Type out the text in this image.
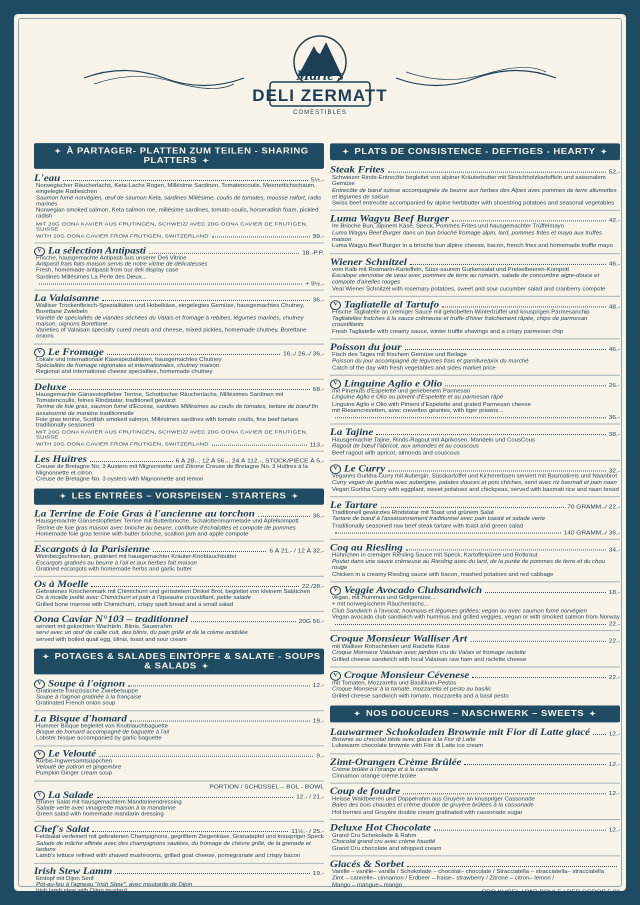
Marie's
DELI ZERMATT
COMESTIBLES
✦ À PARTAGER- PLATTEN ZUM TEILEN - SHARING PLATTERS ✦
L'eau	5½.-
Norwegischer Räucherlachs, Keta-Lachs Rogen, Millésime Sardinen, Tomatencoulis, Meerrettichschaum, eingelegte Radieschen
Saumon fumé norvégien, œuf de saumon Keta, sardines Millésime, coulis de tomates, mousse raifort, radis marinés
Norwegian smoked salmon, Keta salmon roe, millésime sardines, tomato coulis, horseradish foam, pickled radish
MIT 20G OONA KAVIER AUS FRUTINGEN, SCHWEIZ/ AVEC 20G OONA CAVIER DE FRUTIGEN, SUISSE
WITH 20G OONA CAVIER FROM FRUTIGEN, SWITZERLAND	99.-
V La sélection Antipasti	18.-P.P.
Frische, hausgemachte Antipasti aus unserer Deli Vitrine
Antipasti frais faits maison servis de notre vitrine de délicatesses
Fresh, homemade antipasti from our deli display case
Sardines Millésimes La Perle des Dieux...
+ 9½.-
La Valaisanne	36.-
Walliser Trockenfleisch-Spezialitäten und Hobelkäse, eingelegtes Gemüse, hausgemachtes Chutney, Borettane Zwiebeln
Variété de spécialités de viandes séchées du Valais et fromage à rebibes, légumes marinés, chutney maison, oignons Borettane
Varieties of Valaisan specialty cured meats and cheese, mixed pickles, homemade chutney, Borettane onions
V Le Fromage	16.-/ 26.-/ 36.-
Lokale und internationale Käsespezialitäten, hausgemachtes Chutney
Spécialités de fromage régionales et internationales, chutney maison
Regional and international cheese specialties, homemade chutney
Deluxe	68.-
Hausgemachte Gänsestopfleber Terrine, Schottischer Räucherlachs, Millésimes Sardinen mit Tomatencoulis, feines Rindstatar, traditionell gewürzt
Terrine de foie gras, saumon fumé d'Écosse, sardines Millésimes au coulis de tomates, tartare de bœuf fin assaisonné de manière traditionnelle
Foie gras terrine, Scottish smoked salmon, Millésimes sardines with tomato coulis, fine beef tartare traditionally seasoned
MIT 20G OONA KAVIER AUS FRUTINGEN, SCHWEIZ/ AVEC 20G OONA CAVIER DE FRUTIGEN, SUISSE
WITH 20G OONA CAVIER FROM FRUTIGEN, SWITZERLAND	113.-
Les Huîtres	6 À 28.-, 12 À 56.-, 24 À 112.-, STÜCK/PIÈCE À 5.-
Creuse de Bretagne No. 3 Austern mit Mignonnette und Zitrone Creuse de Bretagne No. 3 Huîtres à la Mignonnette et citron
Creuse de Bretagne No. 3 oysters with Mignonnette and lemon
✦ LES ENTRÉES – VORSPEISEN - STARTERS ✦
La Terrine de Foie Gras à l'ancienne au torchon	36.-
Hausgemachte Gänsestopfleber Terrine mit Butterbrioche, Schalottenmarmelade und Apfelkompott
Terrine de foie gras maison avec brioche au beurre, confiture d'échalottes et compote de pommes
Homemade foie gras terrine with butter brioche, scallion jam and apple compote
Escargots à la Parisienne	6 À 21.- / 12 À 32.-
Weinbergschnecken, gratiniert mit hausgemachter Kräuter-Knoblauchbutter
Escargots gratinés au beurre à l'ail et aux herbes fait maison
Gratined escargots with homemade herbs and garlic butter
Os à Moelle	22./28.-
Gebratenes Knochenmark mit Chimichurri und geröstetem Dinkel Brot, begleitet von kleinem Salätchen
Os à moelle poêlé avec Chimichurri et pain à l'épeautre croustillant, petite salade
Grilled bone marrow with Chimichurri, crispy spelt bread and a small salad
Oona Caviar N°103 – traditionnel	20G 56.-
serviert mit gekochten Wachteln, Blinis, Sauerrahm
servi avec un œuf de caille cuit, des blinis, du pain grillé et de la crème acidulée
served with boiled quail egg, blinis, toast and sour cream
✦ POTAGES & SALADES EINTÖPFE & SALATE - SOUPS & SALADS ✦
V Soupe à l'oignon	12.-
Gratinierte französische Zwiebelsuppe
Soupe à l'oignon gratinée à la française
Gratinated French onion soup
La Bisque d'homard	19.-
Hummer Bisque begleitet von Knoblauchbaguette
Bisque de homard accompagné de baguette à l'ail
Lobster bisque accompanied by garlic baguette
V Le Velouté	9.-
Kürbis-Ingwersamtsüppchen
Velouté de potiron et gingembre
Pumpkin Ginger cream soup
PORTION / SCHÜSSEL – BOL - BOWL
V La Salade	12.- / 21.-
Grüner Salat mit hausgemachtem Mandarinendressing
Salade verte avec vinaigrette maison à la mandarine
Green salad with homemade mandarin dressing
Chef's Salat	11½.- / 25.-
Feldsalat verfeinert mit gebratenen Champignons, gegrilltem Ziegenkäse, Granatapfel und knuspriger Speck
Salade de mâche affinée avec des champignons sautées, du fromage de chèvre grillé, de la grenade et lardons
Lamb's lettuce refined with shaved mushrooms, grilled goat cheese, pomegranate and crispy bacon
Irish Stew Lamm	19.-
Eintopf mit Dijon Senf
Pot-au-feu à l'agneau "Irish Stew", avec moutarde de Dijon
Irish lamb stew with Dijon mustard
✦ PLATS DE CONSISTENCE - DEFTIGES - HEARTY ✦
Steak Frites	52.-
Schweizer Rinds-Entrecôte begleitet von alpiner Kräuterbutter mit Streichholzkartoffeln und saisonalem Gemüse
Entrecôte de bœuf suisse accompagnée de beurre aux herbes des Alpes avec pommes de terre allumettes et légumes de saison
Swiss beef entrecôte accompanied by alpine herbbutter with shoestring potatoes and seasonal vegetables
Luma Wagyu Beef Burger	42.-
Im Brioche Bun, alpinem Käse, Speck, Pommes Frites und hausgemachter Trüffelmayo
Luma Wagyu Beef Burger dans un bun brioché fromage alpin, lard, pommes frites et mayo aux truffes maison
Luma Wagyu Beef Burger in a brioche bun alpine cheese, bacon, french fries and homemade truffle mayo
Wiener Schnitzel	46.-
vom Kalb mit Rosmarin-Kartoffeln, Süss-saurem Gurkensalat und Preiselbeeren-Kompott
Escalope viennoise de veau avec pommes de terre au romarin, salade de concombre aigre-douce et compote d'airelles rouges
Veal Wiener Schnitzel with rosemary potatoes, sweet and sour cucumber salad and cranberry compote
V Tagliatelle al Tartufo	48.-
Frische Tagliatelle an cremiger Sauce mit gehobelten Wintertrüffel und knusprigen Parmesanchip
Tagliatelles fraîches à la sauce crémeuse et truffe d'hiver fraîchement râpée, chips de parmesan croustillants
Fresh Tagliatelle with creamy sauce, winter truffle shavings and a crispy parmesan chip
Poisson du jour	46.-
Fisch des Tages mit frischem Gemüse und Beilage
Poisson du jour accompagné de légumes frais et garniture/prix du marché
Catch of the day with fresh vegetables and sides market price
V Linguine Aglio e Olio	26.-
mit Pinenuts d'Espelette und geriebenem Parmesan
Linguine Aglio e Olio au piment d'Espelette et au parmesan râpé
Linguine Aglio e Olio with Piment d'Espelette and grated Parmesan cheese
mit Riesencrevetten, avec crevettes géantes, with tiger prawns...
36.-
La Tajine	38.-
Hausgemachte Tajine, Rinds-Ragout mit Aprikosen, Mandeln und CousCous
Ragoût de bœuf l'abricot, aux amandes et au couscous
Beef ragout with apricot, almonds and couscous
V Le Curry	32.-
Veganes Gurkha-Curry mit Aubergin, Süsskartoffel und Kichererbsen serviert mit Basmatireis und Naanbrot
Curry vegan de gurkha avec aubergine, patates douces et pois chiches, servi avec riz basmati et pain naan
Vegan Gurkha Curry with eggplant, sweet potatoes and chickpeas, served with basmati rice and naan bread
Le Tartare	70 GRAMM.-/ 22.-
Traditionell gewürztes Rindstatar mit Toast und grünem Salat
Tartare de bœuf à l'assaisonnement traditionnel avec pain toasté et salade verte
Traditionally seasoned raw beef steak tartare with toast and green salad
140 GRAMM.-/ 36.-
Coq au Riesling	34.-
Hühnchen in cremiger Riesling Sauce mit Speck, Kartoffelpüree und Rotkraut
Poulet dans une sauce crémeuse au Riesling avec du lard, de la purée de pommes de terre et du chou rouge
Chicken in a creamy Riesling sauce with bacon, mashed potatoes and red cabbage
V Veggie Avocado Clubsandwich	18.-
vegan, mit Hummus und Grillgemüse...
+ mit norwegischem Räucherlachs...
Club Sandwich à l'avocat, houmous et légumes grillées; vegan ou avec saumon fumé norvégien
Vegan avocado club sandwich with hummus and grilled veggies, vegan or with smoked salmon from Norway
22.-
Croque Monsieur Walliser Art	22.-
mit Walliser Rohschinken und Raclette Käse
Croque Monsieur Valaisan avec jambon cru du Valais et fromage raclette
Grilled cheese sandwich with local Valaisan raw ham and raclette cheese
V Croque Monsieur Cévenese	22.-
mit Tomaten, Mozzarella und Basilikum-Pestos
Croque Monsieur à la tomate, mozzarella et pesto au basilic
Grilled cheese sandwich with tomato, mozzarella and a basil pesto
✦ NOS DOUCEURS – NASCHWERK – SWEETS ✦
Lauwarmer Schokoladen Brownie mit Fior di Latte glacé	12.-
Brownie au chocolat tiède avec glace à la Fior di Latte
Lukewarm chocolate brownie with Fior di Latte ice cream
Zimt-Orangen Crème Brûlée	12.-
Crème brûlée à l'orange et à la cannelle
Cinnamon orange crème brûlée
Coup de foudre	12.-
Heisse Waldbeeren und Doppelrahm aus Gruyère an knuspriger Cassonade
Baies des bois chaudes et crème double de gruyère brûlées à la cassonade
Hot berries and Gruyère double cream gratinated with cassonade sugar
Deluxe Hot Chocolate	12.-
Grand Cru Schokolade & Rahm
Chocolat grand cru avec crème fouetté
Grand Cru chocolate and whipped cream
Glacés & Sorbet
Vanille – vanille– vanilla / Schokolade – chocolat– chocolate / Stracciatella – stracciatella– stracciatella
Zimt – cannelle– cinnamon / Erdbeer – fraise– strawberry / Zitrone – citron– lemon /
Mango – mangue– mango
PRO KUGEL / PAR BOULE / PER SCOOP 5.00
